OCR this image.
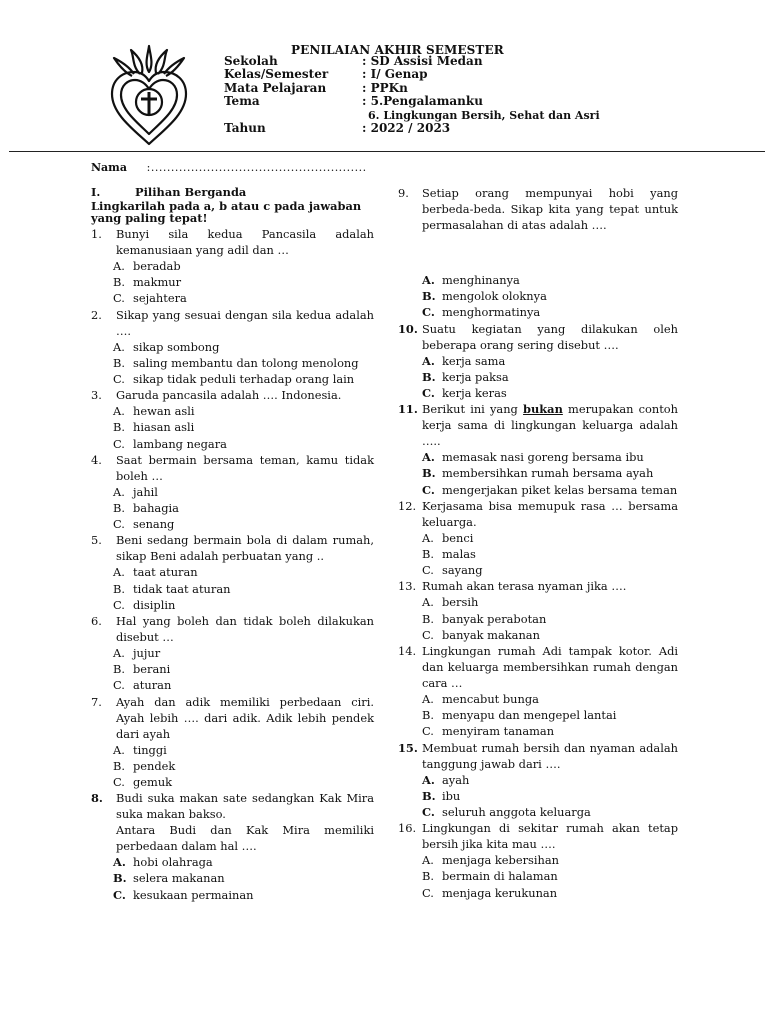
PENILAIAN AKHIR SEMESTER
Sekolah	: SD Assisi Medan
Kelas/Semester	: I/ Genap
Mata Pelajaran	: PPKn
Tema	: 5.Pengalamanku
6. Lingkungan Bersih, Sehat dan Asri
Tahun	: 2022 / 2023
Nama :......................................................
I.	Pilihan Berganda
Lingkarilah pada a, b atau c pada jawaban yang paling tepat!
1.	Bunyi sila kedua Pancasila adalah kemanusiaan yang adil dan …
A. beradab
B. makmur
C. sejahtera
2.	Sikap yang sesuai dengan sila kedua adalah ….
A. sikap sombong
B. saling membantu dan tolong menolong
C. sikap tidak peduli terhadap orang lain
3.	Garuda pancasila adalah …. Indonesia.
A. hewan asli
B. hiasan asli
C. lambang negara
4.	Saat bermain bersama teman, kamu tidak boleh …
A. jahil
B. bahagia
C. senang
5.	Beni sedang bermain bola di dalam rumah, sikap Beni adalah perbuatan yang ..
A. taat aturan
B. tidak taat aturan
C. disiplin
6.	Hal yang boleh dan tidak boleh dilakukan disebut …
A. jujur
B. berani
C. aturan
7.	Ayah dan adik memiliki perbedaan ciri. Ayah lebih …. dari adik. Adik lebih pendek dari ayah
A. tinggi
B. pendek
C. gemuk
8.	Budi suka makan sate sedangkan Kak Mira suka makan bakso.
Antara Budi dan Kak Mira memiliki perbedaan dalam hal ….
A. hobi olahraga
B. selera makanan
C. kesukaan permainan
9.	Setiap orang mempunyai hobi yang berbeda-beda. Sikap kita yang tepat untuk permasalahan di atas adalah ….
A. menghinanya
B. mengolok oloknya
C. menghormatinya
10. Suatu kegiatan yang dilakukan oleh beberapa orang sering disebut ….
A. kerja sama
B. kerja paksa
C. kerja keras
11. Berikut ini yang bukan merupakan contoh kerja sama di lingkungan keluarga adalah …..
A. memasak nasi goreng bersama ibu
B. membersihkan rumah bersama ayah
C. mengerjakan piket kelas bersama teman
12. Kerjasama bisa memupuk rasa … bersama keluarga.
A. benci
B. malas
C. sayang
13. Rumah akan terasa nyaman jika ….
A. bersih
B. banyak perabotan
C. banyak makanan
14. Lingkungan rumah Adi tampak kotor. Adi dan keluarga membersihkan rumah dengan cara …
A. mencabut bunga
B. menyapu dan mengepel lantai
C. menyiram tanaman
15. Membuat rumah bersih dan nyaman adalah tanggung jawab dari ….
A. ayah
B. ibu
C. seluruh anggota keluarga
16. Lingkungan di sekitar rumah akan tetap bersih jika kita mau ….
A. menjaga kebersihan
B. bermain di halaman
C. menjaga kerukunan
